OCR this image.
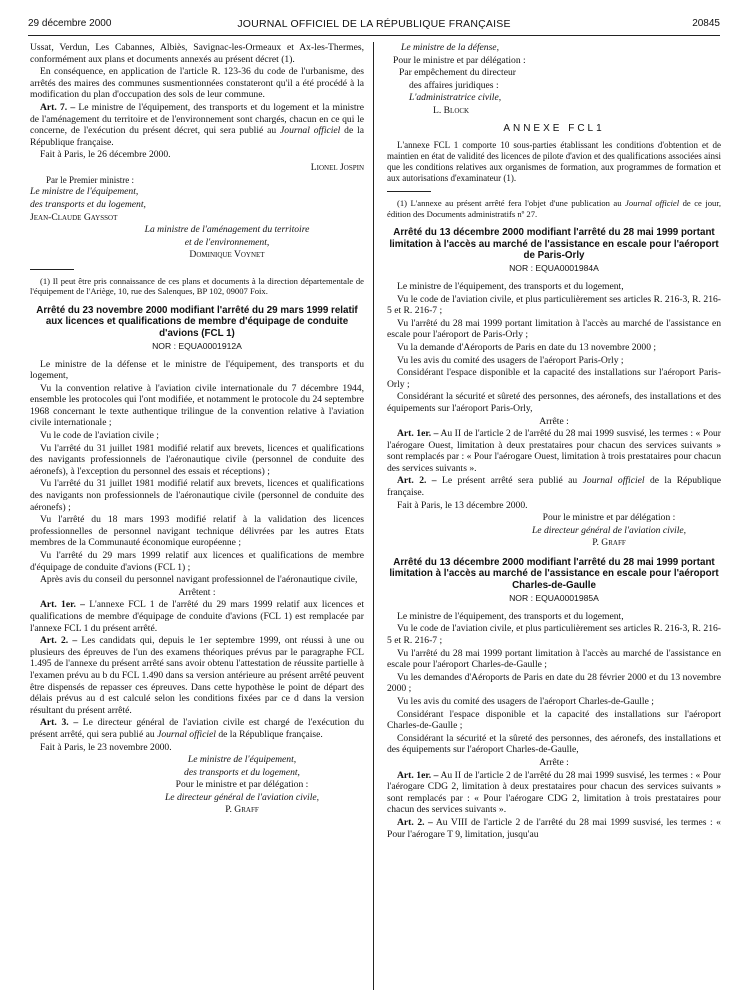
29 décembre 2000	JOURNAL OFFICIEL DE LA RÉPUBLIQUE FRANÇAISE	20845

Ussat, Verdun, Les Cabannes, Albiès, Savignac-les-Ormeaux et Ax-les-Thermes, conformément aux plans et documents annexés au présent décret (1).

En conséquence, en application de l'article R. 123-36 du code de l'urbanisme, des arrêtés des maires des communes susmentionnées constateront qu'il a été procédé à la modification du plan d'occupation des sols de leur commune.

Art. 7. – Le ministre de l'équipement, des transports et du logement et la ministre de l'aménagement du territoire et de l'environnement sont chargés, chacun en ce qui le concerne, de l'exécution du présent décret, qui sera publié au Journal officiel de la République française.

Fait à Paris, le 26 décembre 2000.

Lionel Jospin

Par le Premier ministre :

Le ministre de l'équipement,

des transports et du logement,

Jean-Claude Gayssot

La ministre de l'aménagement du territoire

et de l'environnement,

Dominique Voynet

(1) Il peut être pris connaissance de ces plans et documents à la direction départementale de l'équipement de l'Ariège, 10, rue des Salenques, BP 102, 09007 Foix.

Arrêté du 23 novembre 2000 modifiant l'arrêté du 29 mars 1999 relatif aux licences et qualifications de membre d'équipage de conduite d'avions (FCL 1)
NOR : EQUA0001912A

Le ministre de la défense et le ministre de l'équipement, des transports et du logement,

Vu la convention relative à l'aviation civile internationale du 7 décembre 1944, ensemble les protocoles qui l'ont modifiée, et notamment le protocole du 24 septembre 1968 concernant le texte authentique trilingue de la convention relative à l'aviation civile internationale ;

Vu le code de l'aviation civile ;

Vu l'arrêté du 31 juillet 1981 modifié relatif aux brevets, licences et qualifications des navigants professionnels de l'aéronautique civile (personnel de conduite des aéronefs), à l'exception du personnel des essais et réceptions) ;

Vu l'arrêté du 31 juillet 1981 modifié relatif aux brevets, licences et qualifications des navigants non professionnels de l'aéronautique civile (personnel de conduite des aéronefs) ;

Vu l'arrêté du 18 mars 1993 modifié relatif à la validation des licences professionnelles de personnel navigant technique délivrées par les autres Etats membres de la Communauté économique européenne ;

Vu l'arrêté du 29 mars 1999 relatif aux licences et qualifications de membre d'équipage de conduite d'avions (FCL 1) ;

Après avis du conseil du personnel navigant professionnel de l'aéronautique civile,

Arrêtent :

Art. 1er. – L'annexe FCL 1 de l'arrêté du 29 mars 1999 relatif aux licences et qualifications de membre d'équipage de conduite d'avions (FCL 1) est remplacée par l'annexe FCL 1 du présent arrêté.

Art. 2. – Les candidats qui, depuis le 1er septembre 1999, ont réussi à une ou plusieurs des épreuves de l'un des examens théoriques prévus par le paragraphe FCL 1.495 de l'annexe du présent arrêté sans avoir obtenu l'attestation de réussite partielle à l'examen prévu au b du FCL 1.490 dans sa version antérieure au présent arrêté peuvent être dispensés de repasser ces épreuves. Dans cette hypothèse le point de départ des délais prévus au d est calculé selon les conditions fixées par ce d dans la version résultant du présent arrêté.

Art. 3. – Le directeur général de l'aviation civile est chargé de l'exécution du présent arrêté, qui sera publié au Journal officiel de la République française.

Fait à Paris, le 23 novembre 2000.

Le ministre de l'équipement,

des transports et du logement,

Pour le ministre et par délégation :

Le directeur général de l'aviation civile,

P. Graff

Le ministre de la défense,

Pour le ministre et par délégation :

Par empêchement du directeur

des affaires juridiques :

L'administratrice civile,

L. Block

ANNEXE FCL1

L'annexe FCL 1 comporte 10 sous-parties établissant les conditions d'obtention et de maintien en état de validité des licences de pilote d'avion et des qualifications associées ainsi que les conditions relatives aux organismes de formation, aux programmes de formation et aux autorisations d'examinateur (1).

(1) L'annexe au présent arrêté fera l'objet d'une publication au Journal officiel de ce jour, édition des Documents administratifs nº 27.

Arrêté du 13 décembre 2000 modifiant l'arrêté du 28 mai 1999 portant limitation à l'accès au marché de l'assistance en escale pour l'aéroport de Paris-Orly
NOR : EQUA0001984A

Le ministre de l'équipement, des transports et du logement,

Vu le code de l'aviation civile, et plus particulièrement ses articles R. 216-3, R. 216-5 et R. 216-7 ;

Vu l'arrêté du 28 mai 1999 portant limitation à l'accès au marché de l'assistance en escale pour l'aéroport de Paris-Orly ;

Vu la demande d'Aéroports de Paris en date du 13 novembre 2000 ;

Vu les avis du comité des usagers de l'aéroport Paris-Orly ;

Considérant l'espace disponible et la capacité des installations sur l'aéroport Paris-Orly ;

Considérant la sécurité et sûreté des personnes, des aéronefs, des installations et des équipements sur l'aéroport Paris-Orly,

Arrête :

Art. 1er. – Au II de l'article 2 de l'arrêté du 28 mai 1999 susvisé, les termes : « Pour l'aérogare Ouest, limitation à deux prestataires pour chacun des services suivants » sont remplacés par : « Pour l'aérogare Ouest, limitation à trois prestataires pour chacun des services suivants ».

Art. 2. – Le présent arrêté sera publié au Journal officiel de la République française.

Fait à Paris, le 13 décembre 2000.

Pour le ministre et par délégation :

Le directeur général de l'aviation civile,

P. Graff

Arrêté du 13 décembre 2000 modifiant l'arrêté du 28 mai 1999 portant limitation à l'accès au marché de l'assistance en escale pour l'aéroport Charles-de-Gaulle
NOR : EQUA0001985A

Le ministre de l'équipement, des transports et du logement,

Vu le code de l'aviation civile, et plus particulièrement ses articles R. 216-3, R. 216-5 et R. 216-7 ;

Vu l'arrêté du 28 mai 1999 portant limitation à l'accès au marché de l'assistance en escale pour l'aéroport Charles-de-Gaulle ;

Vu les demandes d'Aéroports de Paris en date du 28 février 2000 et du 13 novembre 2000 ;

Vu les avis du comité des usagers de l'aéroport Charles-de-Gaulle ;

Considérant l'espace disponible et la capacité des installations sur l'aéroport Charles-de-Gaulle ;

Considérant la sécurité et la sûreté des personnes, des aéronefs, des installations et des équipements sur l'aéroport Charles-de-Gaulle,

Arrête :

Art. 1er. – Au II de l'article 2 de l'arrêté du 28 mai 1999 susvisé, les termes : « Pour l'aérogare CDG 2, limitation à deux prestataires pour chacun des services suivants » sont remplacés par : « Pour l'aérogare CDG 2, limitation à trois prestataires pour chacun des services suivants ».

Art. 2. – Au VIII de l'article 2 de l'arrêté du 28 mai 1999 susvisé, les termes : « Pour l'aérogare T 9, limitation, jusqu'au
